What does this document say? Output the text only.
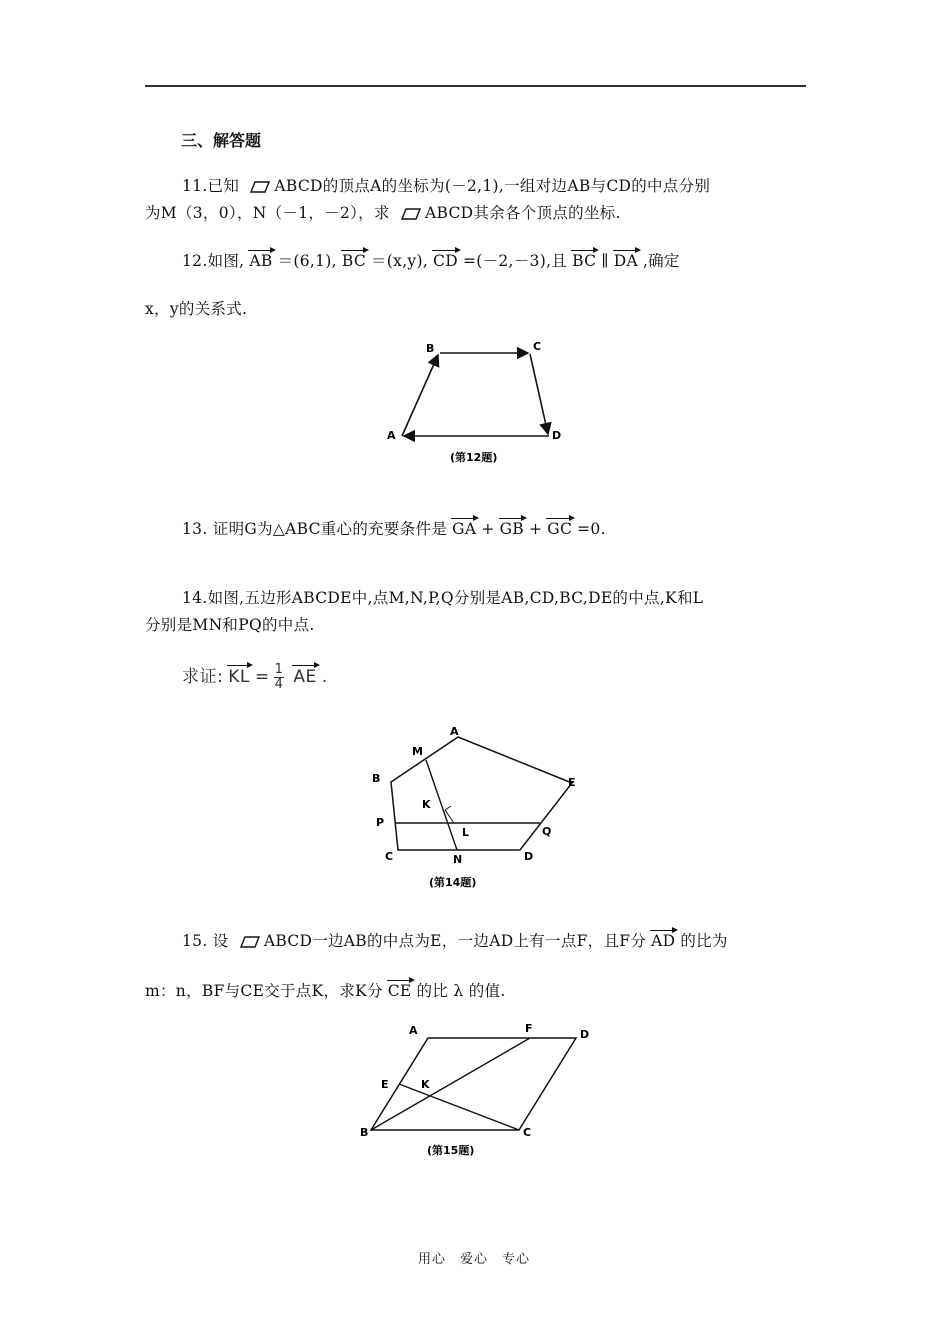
三、解答题
11.已知 ABCD的顶点A的坐标为(－2,1),一组对边AB与CD的中点分别
为M（3，0），N（－1，－2），求 ABCD其余各个顶点的坐标.
12.如图, AB ＝(6,1), BC ＝(x,y), CD =(－2,－3),且 BC ∥ DA ,确定
x，y的关系式.
B	C
A	D
(第12题)
13. 证明G为△ABC重心的充要条件是 GA + GB + GC =0.
14.如图,五边形ABCDE中,点M,N,P,Q分别是AB,CD,BC,DE的中点,K和L
分别是MN和PQ的中点.
求证: KL = $\frac{1}{4}$ AE .
A
M
B	E
K
P
L	Q
C	N	D
(第14题)
15. 设 ABCD一边AB的中点为E，一边AD上有一点F，且F分 AD 的比为
m：n，BF与CE交于点K，求K分 CE 的比 λ 的值.
A	F	D
E	K
B	C
(第15题)
用心 爱心 专心
